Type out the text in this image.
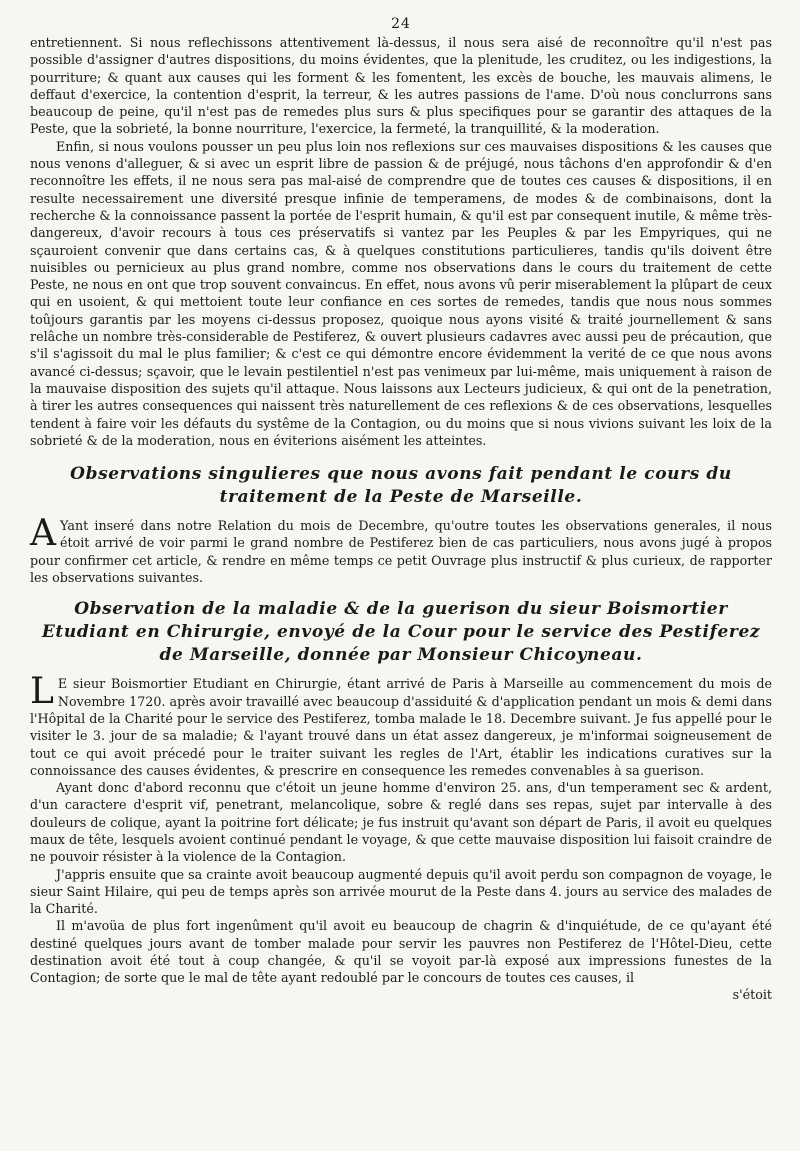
24

entretiennent. Si nous reflechissons attentivement là-dessus, il nous sera aisé de reconnoître qu'il n'est pas possible d'assigner d'autres dispositions, du moins évidentes, que la plenitude, les cruditez, ou les indigestions, la pourriture; & quant aux causes qui les forment & les fomentent, les excès de bouche, les mauvais alimens, le deffaut d'exercice, la contention d'esprit, la terreur, & les autres passions de l'ame. D'où nous conclurrons sans beaucoup de peine, qu'il n'est pas de remedes plus surs & plus specifiques pour se garantir des attaques de la Peste, que la sobrieté, la bonne nourriture, l'exercice, la fermeté, la tranquillité, & la moderation.

Enfin, si nous voulons pousser un peu plus loin nos reflexions sur ces mauvaises dispositions & les causes que nous venons d'alleguer, & si avec un esprit libre de passion & de préjugé, nous tâchons d'en approfondir & d'en reconnoître les effets, il ne nous sera pas mal-aisé de comprendre que de toutes ces causes & dispositions, il en resulte necessairement une diversité presque infinie de temperamens, de modes & de combinaisons, dont la recherche & la connoissance passent la portée de l'esprit humain, & qu'il est par consequent inutile, & même très-dangereux, d'avoir recours à tous ces préservatifs si vantez par les Peuples & par les Empyriques, qui ne sçauroient convenir que dans certains cas, & à quelques constitutions particulieres, tandis qu'ils doivent être nuisibles ou pernicieux au plus grand nombre, comme nos observations dans le cours du traitement de cette Peste, ne nous en ont que trop souvent convaincus. En effet, nous avons vû perir miserablement la plûpart de ceux qui en usoient, & qui mettoient toute leur confiance en ces sortes de remedes, tandis que nous nous sommes toûjours garantis par les moyens ci-dessus proposez, quoique nous ayons visité & traité journellement & sans relâche un nombre très-considerable de Pestiferez, & ouvert plusieurs cadavres avec aussi peu de précaution, que s'il s'agissoit du mal le plus familier; & c'est ce qui démontre encore évidemment la verité de ce que nous avons avancé ci-dessus; sçavoir, que le levain pestilentiel n'est pas venimeux par lui-même, mais uniquement à raison de la mauvaise disposition des sujets qu'il attaque. Nous laissons aux Lecteurs judicieux, & qui ont de la penetration, à tirer les autres consequences qui naissent très naturellement de ces reflexions & de ces observations, lesquelles tendent à faire voir les défauts du systême de la Contagion, ou du moins que si nous vivions suivant les loix de la sobrieté & de la moderation, nous en éviterions aisément les atteintes.

Observations singulieres que nous avons fait pendant le cours du traitement de la Peste de Marseille.

A Yant inseré dans notre Relation du mois de Decembre, qu'outre toutes les observations generales, il nous étoit arrivé de voir parmi le grand nombre de Pestiferez bien de cas particuliers, nous avons jugé à propos pour confirmer cet article, & rendre en même temps ce petit Ouvrage plus instructif & plus curieux, de rapporter les observations suivantes.

Observation de la maladie & de la guerison du sieur Boismortier Etudiant en Chirurgie, envoyé de la Cour pour le service des Pestiferez de Marseille, donnée par Monsieur Chicoyneau.

L E sieur Boismortier Etudiant en Chirurgie, étant arrivé de Paris à Marseille au commencement du mois de Novembre 1720. après avoir travaillé avec beaucoup d'assiduité & d'application pendant un mois & demi dans l'Hôpital de la Charité pour le service des Pestiferez, tomba malade le 18. Decembre suivant. Je fus appellé pour le visiter le 3. jour de sa maladie; & l'ayant trouvé dans un état assez dangereux, je m'informai soigneusement de tout ce qui avoit précedé pour le traiter suivant les regles de l'Art, établir les indications curatives sur la connoissance des causes évidentes, & prescrire en consequence les remedes convenables à sa guerison.

Ayant donc d'abord reconnu que c'étoit un jeune homme d'environ 25. ans, d'un temperament sec & ardent, d'un caractere d'esprit vif, penetrant, melancolique, sobre & reglé dans ses repas, sujet par intervalle à des douleurs de colique, ayant la poitrine fort délicate; je fus instruit qu'avant son départ de Paris, il avoit eu quelques maux de tête, lesquels avoient continué pendant le voyage, & que cette mauvaise disposition lui faisoit craindre de ne pouvoir résister à la violence de la Contagion.

J'appris ensuite que sa crainte avoit beaucoup augmenté depuis qu'il avoit perdu son compagnon de voyage, le sieur Saint Hilaire, qui peu de temps après son arrivée mourut de la Peste dans 4. jours au service des malades de la Charité.

Il m'avoüa de plus fort ingenûment qu'il avoit eu beaucoup de chagrin & d'inquiétude, de ce qu'ayant été destiné quelques jours avant de tomber malade pour servir les pauvres non Pestiferez de l'Hôtel-Dieu, cette destination avoit été tout à coup changée, & qu'il se voyoit par-là exposé aux impressions funestes de la Contagion; de sorte que le mal de tête ayant redoublé par le concours de toutes ces causes, il

s'étoit
